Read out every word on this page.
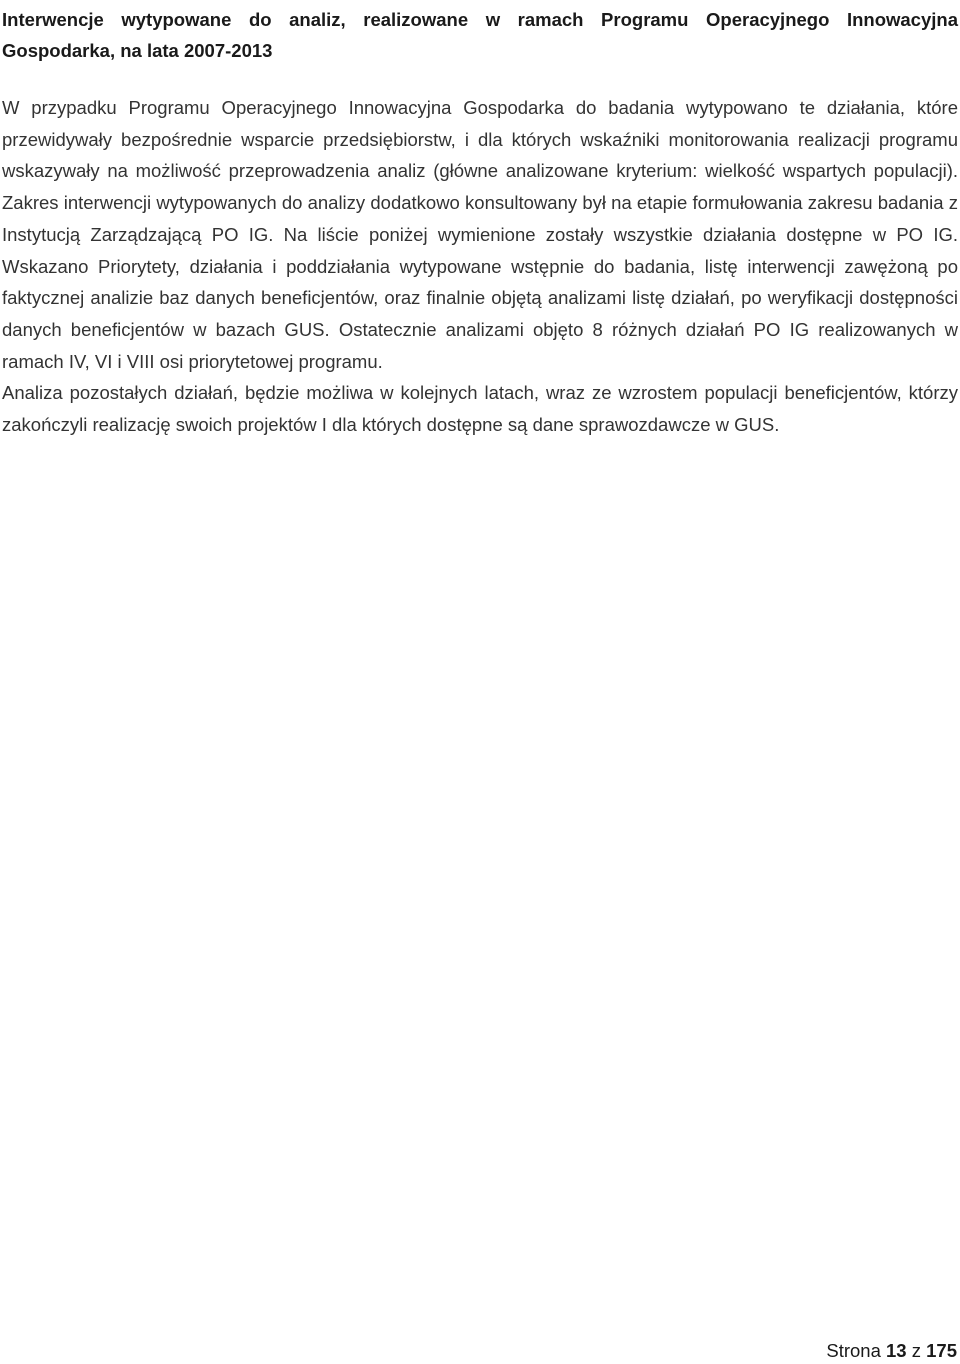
Interwencje wytypowane do analiz, realizowane w ramach Programu Operacyjnego Innowacyjna Gospodarka, na lata 2007-2013

W przypadku Programu Operacyjnego Innowacyjna Gospodarka do badania wytypowano te działania, które przewidywały bezpośrednie wsparcie przedsiębiorstw, i dla których wskaźniki monitorowania realizacji programu wskazywały na możliwość przeprowadzenia analiz (główne analizowane kryterium: wielkość wspartych populacji). Zakres interwencji wytypowanych do analizy dodatkowo konsultowany był na etapie formułowania zakresu badania z Instytucją Zarządzającą PO IG. Na liście poniżej wymienione zostały wszystkie działania dostępne w PO IG. Wskazano Priorytety, działania i poddziałania wytypowane wstępnie do badania, listę interwencji zawężoną po faktycznej analizie baz danych beneficjentów, oraz finalnie objętą analizami listę działań, po weryfikacji dostępności danych beneficjentów w bazach GUS. Ostatecznie analizami objęto 8 różnych działań PO IG realizowanych w ramach IV, VI i VIII osi priorytetowej programu.

Analiza pozostałych działań, będzie możliwa w kolejnych latach, wraz ze wzrostem populacji beneficjentów, którzy zakończyli realizację swoich projektów I dla których dostępne są dane sprawozdawcze w GUS.

Strona 13 z 175
